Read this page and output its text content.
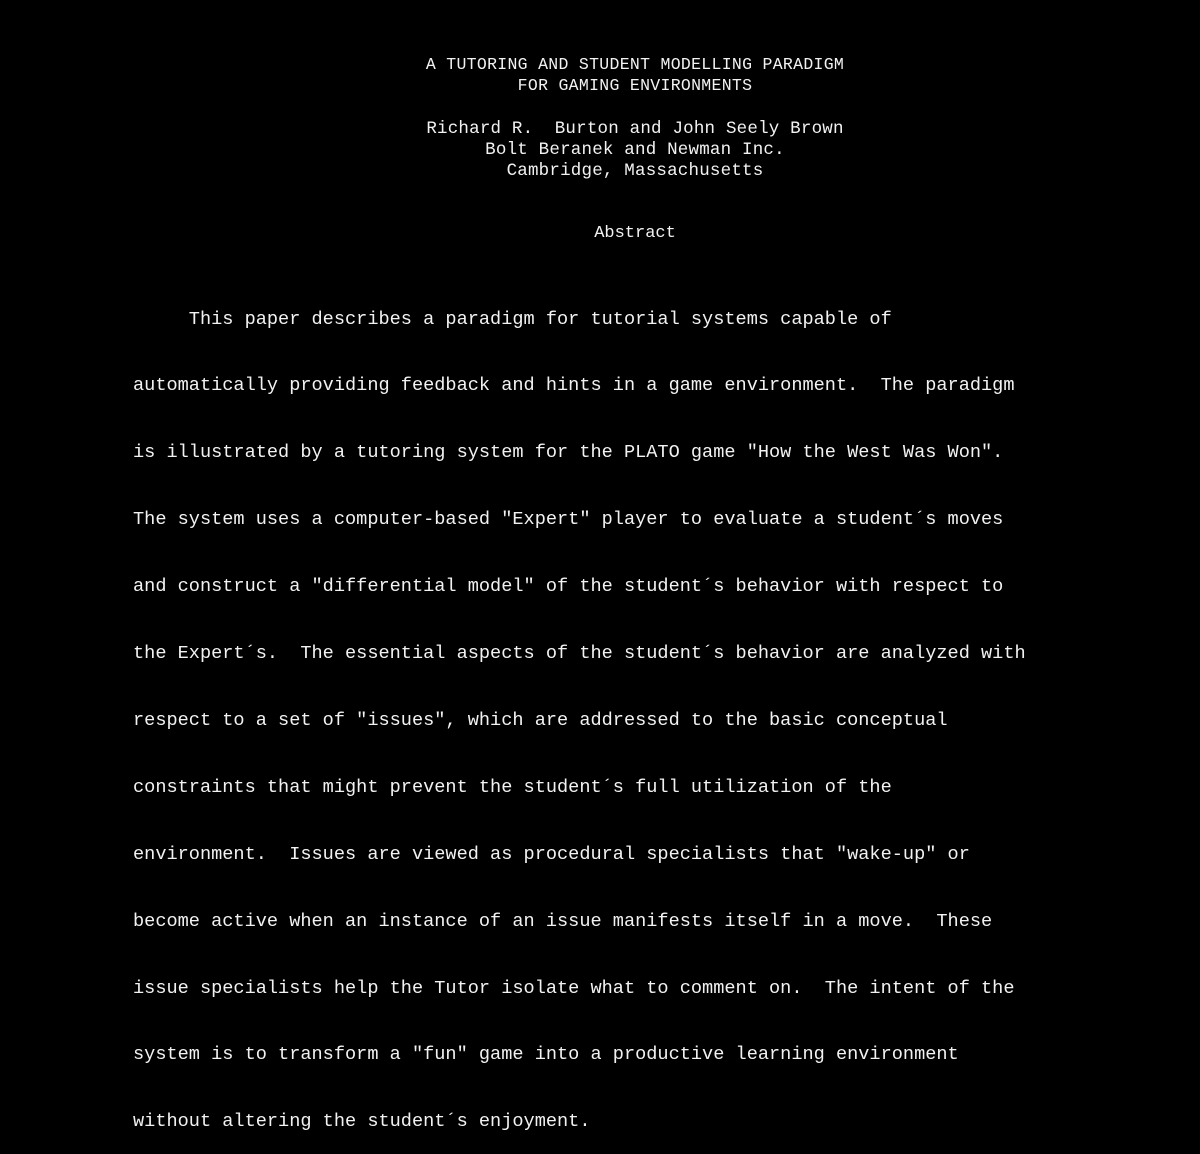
A TUTORING AND STUDENT MODELLING PARADIGM
FOR GAMING ENVIRONMENTS
Richard R.  Burton and John Seely Brown
Bolt Beranek and Newman Inc.
Cambridge, Massachusetts
Abstract

This paper describes a paradigm for tutorial systems capable of

automatically providing feedback and hints in a game environment.  The paradigm

is illustrated by a tutoring system for the PLATO game "How the West Was Won".

The system uses a computer-based "Expert" player to evaluate a student´s moves

and construct a "differential model" of the student´s behavior with respect to

the Expert´s.  The essential aspects of the student´s behavior are analyzed with

respect to a set of "issues", which are addressed to the basic conceptual

constraints that might prevent the student´s full utilization of the

environment.  Issues are viewed as procedural specialists that "wake-up" or

become active when an instance of an issue manifests itself in a move.  These

issue specialists help the Tutor isolate what to comment on.  The intent of the

system is to transform a "fun" game into a productive learning environment

without altering the student´s enjoyment.
